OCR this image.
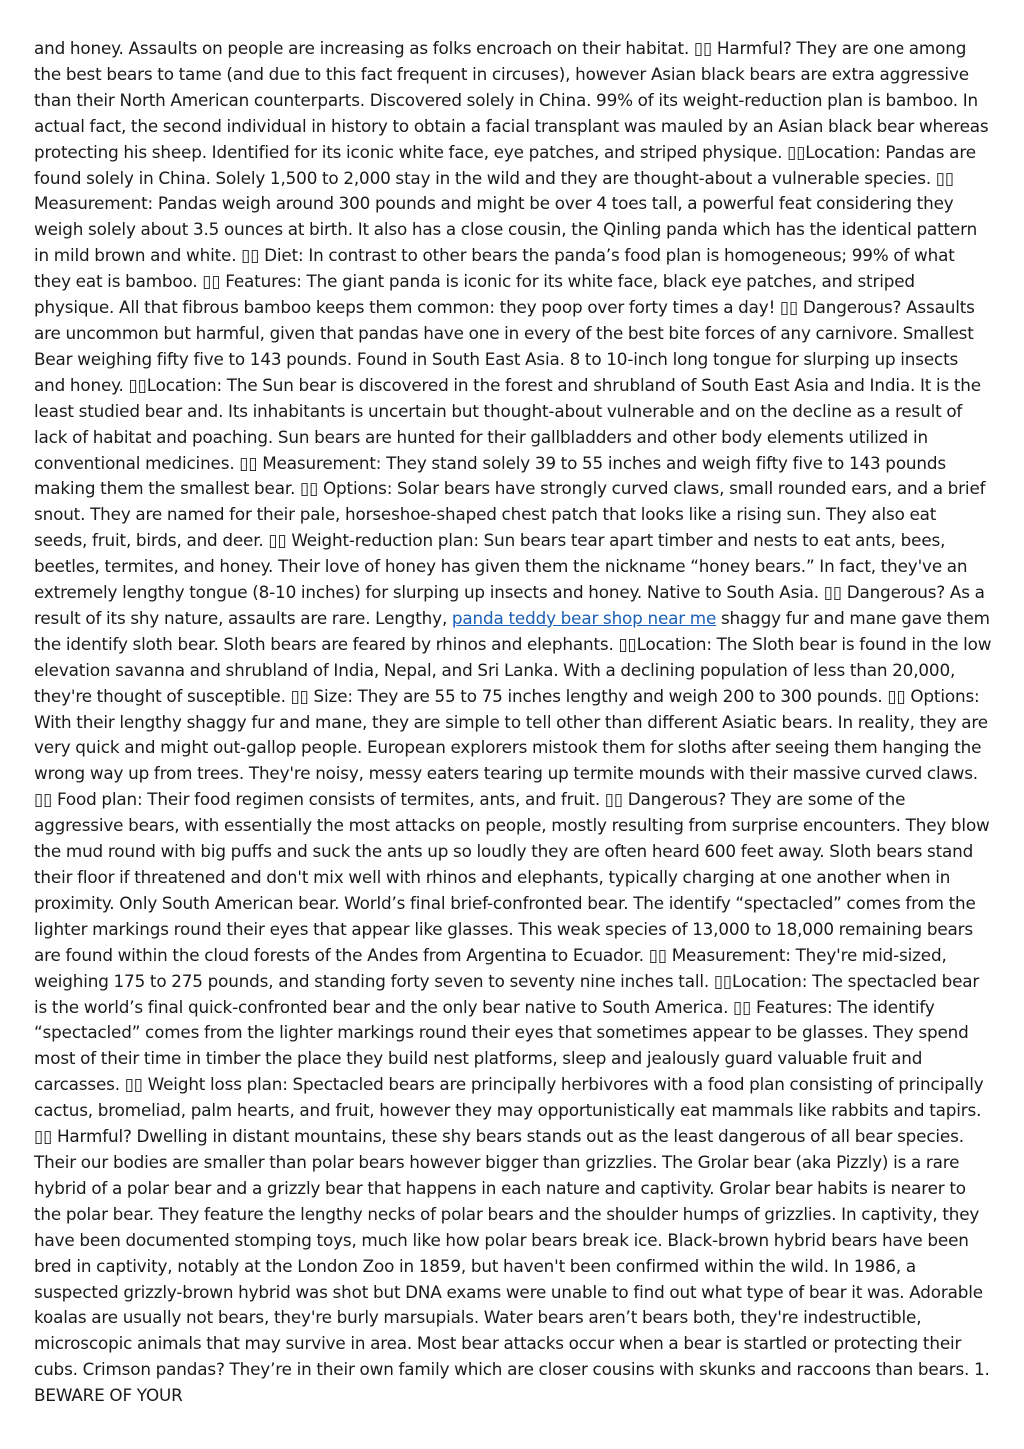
and honey. Assaults on people are increasing as folks encroach on their habitat. ▯▯ Harmful? They are one among the best bears to tame (and due to this fact frequent in circuses), however Asian black bears are extra aggressive than their North American counterparts. Discovered solely in China. 99% of its weight-reduction plan is bamboo. In actual fact, the second individual in history to obtain a facial transplant was mauled by an Asian black bear whereas protecting his sheep. Identified for its iconic white face, eye patches, and striped physique. ▯▯Location: Pandas are found solely in China. Solely 1,500 to 2,000 stay in the wild and they are thought-about a vulnerable species. ▯▯ Measurement: Pandas weigh around 300 pounds and might be over 4 toes tall, a powerful feat considering they weigh solely about 3.5 ounces at birth. It also has a close cousin, the Qinling panda which has the identical pattern in mild brown and white. ▯▯ Diet: In contrast to other bears the panda’s food plan is homogeneous; 99% of what they eat is bamboo. ▯▯ Features: The giant panda is iconic for its white face, black eye patches, and striped physique. All that fibrous bamboo keeps them common: they poop over forty times a day! ▯▯ Dangerous? Assaults are uncommon but harmful, given that pandas have one in every of the best bite forces of any carnivore. Smallest Bear weighing fifty five to 143 pounds. Found in South East Asia. 8 to 10-inch long tongue for slurping up insects and honey. ▯▯Location: The Sun bear is discovered in the forest and shrubland of South East Asia and India. It is the least studied bear and. Its inhabitants is uncertain but thought-about vulnerable and on the decline as a result of lack of habitat and poaching. Sun bears are hunted for their gallbladders and other body elements utilized in conventional medicines. ▯▯ Measurement: They stand solely 39 to 55 inches and weigh fifty five to 143 pounds making them the smallest bear. ▯▯ Options: Solar bears have strongly curved claws, small rounded ears, and a brief snout. They are named for their pale, horseshoe-shaped chest patch that looks like a rising sun. They also eat seeds, fruit, birds, and deer. ▯▯ Weight-reduction plan: Sun bears tear apart timber and nests to eat ants, bees, beetles, termites, and honey. Their love of honey has given them the nickname “honey bears.” In fact, they've an extremely lengthy tongue (8-10 inches) for slurping up insects and honey. Native to South Asia. ▯▯ Dangerous? As a result of its shy nature, assaults are rare. Lengthy, panda teddy bear shop near me shaggy fur and mane gave them the identify sloth bear. Sloth bears are feared by rhinos and elephants. ▯▯Location: The Sloth bear is found in the low elevation savanna and shrubland of India, Nepal, and Sri Lanka. With a declining population of less than 20,000, they're thought of susceptible. ▯▯ Size: They are 55 to 75 inches lengthy and weigh 200 to 300 pounds. ▯▯ Options: With their lengthy shaggy fur and mane, they are simple to tell other than different Asiatic bears. In reality, they are very quick and might out-gallop people. European explorers mistook them for sloths after seeing them hanging the wrong way up from trees. They're noisy, messy eaters tearing up termite mounds with their massive curved claws. ▯▯ Food plan: Their food regimen consists of termites, ants, and fruit. ▯▯ Dangerous? They are some of the aggressive bears, with essentially the most attacks on people, mostly resulting from surprise encounters. They blow the mud round with big puffs and suck the ants up so loudly they are often heard 600 feet away. Sloth bears stand their floor if threatened and don't mix well with rhinos and elephants, typically charging at one another when in proximity. Only South American bear. World’s final brief-confronted bear. The identify “spectacled” comes from the lighter markings round their eyes that appear like glasses. This weak species of 13,000 to 18,000 remaining bears are found within the cloud forests of the Andes from Argentina to Ecuador. ▯▯ Measurement: They're mid-sized, weighing 175 to 275 pounds, and standing forty seven to seventy nine inches tall. ▯▯Location: The spectacled bear is the world’s final quick-confronted bear and the only bear native to South America. ▯▯ Features: The identify “spectacled” comes from the lighter markings round their eyes that sometimes appear to be glasses. They spend most of their time in timber the place they build nest platforms, sleep and jealously guard valuable fruit and carcasses. ▯▯ Weight loss plan: Spectacled bears are principally herbivores with a food plan consisting of principally cactus, bromeliad, palm hearts, and fruit, however they may opportunistically eat mammals like rabbits and tapirs. ▯▯ Harmful? Dwelling in distant mountains, these shy bears stands out as the least dangerous of all bear species. Their our bodies are smaller than polar bears however bigger than grizzlies. The Grolar bear (aka Pizzly) is a rare hybrid of a polar bear and a grizzly bear that happens in each nature and captivity. Grolar bear habits is nearer to the polar bear. They feature the lengthy necks of polar bears and the shoulder humps of grizzlies. In captivity, they have been documented stomping toys, much like how polar bears break ice. Black-brown hybrid bears have been bred in captivity, notably at the London Zoo in 1859, but haven't been confirmed within the wild. In 1986, a suspected grizzly-brown hybrid was shot but DNA exams were unable to find out what type of bear it was. Adorable koalas are usually not bears, they're burly marsupials. Water bears aren’t bears both, they're indestructible, microscopic animals that may survive in area. Most bear attacks occur when a bear is startled or protecting their cubs. Crimson pandas? They’re in their own family which are closer cousins with skunks and raccoons than bears. 1. BEWARE OF YOUR
